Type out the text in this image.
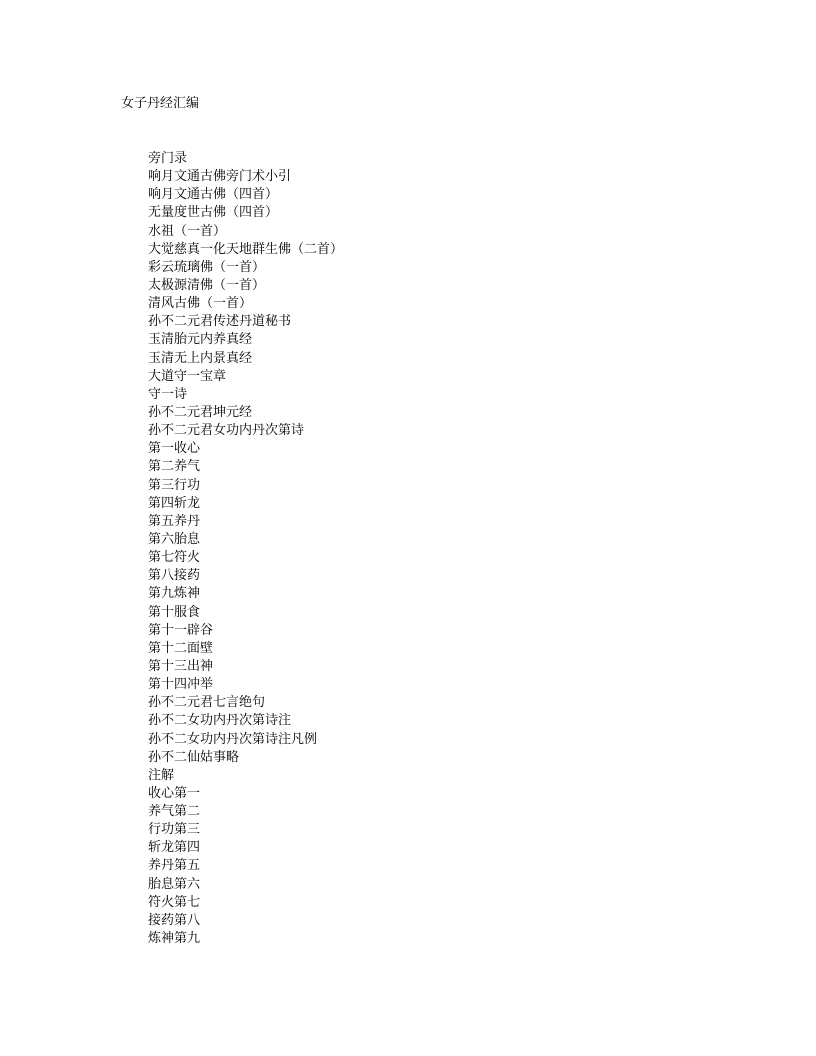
女子丹经汇编
旁门录
响月文通古佛旁门术小引
响月文通古佛（四首）
无量度世古佛（四首）
水祖（一首）
大觉慈真一化天地群生佛（二首）
彩云琉璃佛（一首）
太极源清佛（一首）
清风古佛（一首）
孙不二元君传述丹道秘书
玉清胎元内养真经
玉清无上内景真经
大道守一宝章
守一诗
孙不二元君坤元经
孙不二元君女功内丹次第诗
第一收心
第二养气
第三行功
第四斩龙
第五养丹
第六胎息
第七符火
第八接药
第九炼神
第十服食
第十一辟谷
第十二面壁
第十三出神
第十四冲举
孙不二元君七言绝句
孙不二女功内丹次第诗注
孙不二女功内丹次第诗注凡例
孙不二仙姑事略
注解
收心第一
养气第二
行功第三
斩龙第四
养丹第五
胎息第六
符火第七
接药第八
炼神第九
